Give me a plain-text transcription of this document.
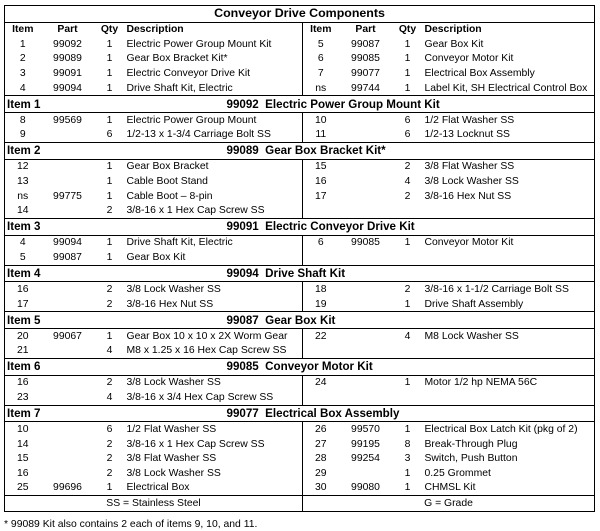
Conveyor Drive Components							
Item	Part	Qty	Description	Item	Part	Qty	Description
1	99092	1	Electric Power Group Mount Kit	5	99087	1	Gear Box Kit
2	99089	1	Gear Box Bracket Kit*	6	99085	1	Conveyor Motor Kit
3	99091	1	Electric Conveyor Drive Kit	7	99077	1	Electrical Box Assembly
4	99094	1	Drive Shaft Kit, Electric	ns	99744	1	Label Kit, SH Electrical Control Box
Item 1		99092  Electric Power Group Mount Kit					
8	99569	1	Electric Power Group Mount	10		6	1/2 Flat Washer SS
9		6	1/2-13 x 1-3/4 Carriage Bolt SS	11		6	1/2-13 Locknut SS
Item 2		99089  Gear Box Bracket Kit*					
12		1	Gear Box Bracket	15		2	3/8 Flat Washer SS
13		1	Cable Boot Stand	16		4	3/8 Lock Washer SS
ns	99775	1	Cable Boot – 8-pin	17		2	3/8-16 Hex Nut SS
14		2	3/8-16 x 1 Hex Cap Screw SS				
Item 3		99091  Electric Conveyor Drive Kit					
4	99094	1	Drive Shaft Kit, Electric	6	99085	1	Conveyor Motor Kit
5	99087	1	Gear Box Kit				
Item 4		99094  Drive Shaft Kit					
16		2	3/8 Lock Washer SS	18		2	3/8-16 x 1-1/2 Carriage Bolt SS
17		2	3/8-16 Hex Nut SS	19		1	Drive Shaft Assembly
Item 5		99087  Gear Box Kit					
20	99067	1	Gear Box 10 x 10 x 2X Worm Gear	22		4	M8 Lock Washer SS
21		4	M8 x 1.25 x 16 Hex Cap Screw SS				
Item 6		99085  Conveyor Motor Kit					
16		2	3/8 Lock Washer SS	24		1	Motor 1/2 hp NEMA 56C
23		4	3/8-16 x 3/4 Hex Cap Screw SS				
Item 7		99077  Electrical Box Assembly					
10		6	1/2 Flat Washer SS	26	99570	1	Electrical Box Latch Kit (pkg of 2)
14		2	3/8-16 x 1 Hex Cap Screw SS	27	99195	8	Break-Through Plug
15		2	3/8 Flat Washer SS	28	99254	3	Switch, Push Button
16		2	3/8 Lock Washer SS	29		1	0.25 Grommet
25	99696	1	Electrical Box	30	99080	1	CHMSL Kit
SS = Stainless Steel				G = Grade			
* 99089 Kit also contains 2 each of items 9, 10, and 11.
